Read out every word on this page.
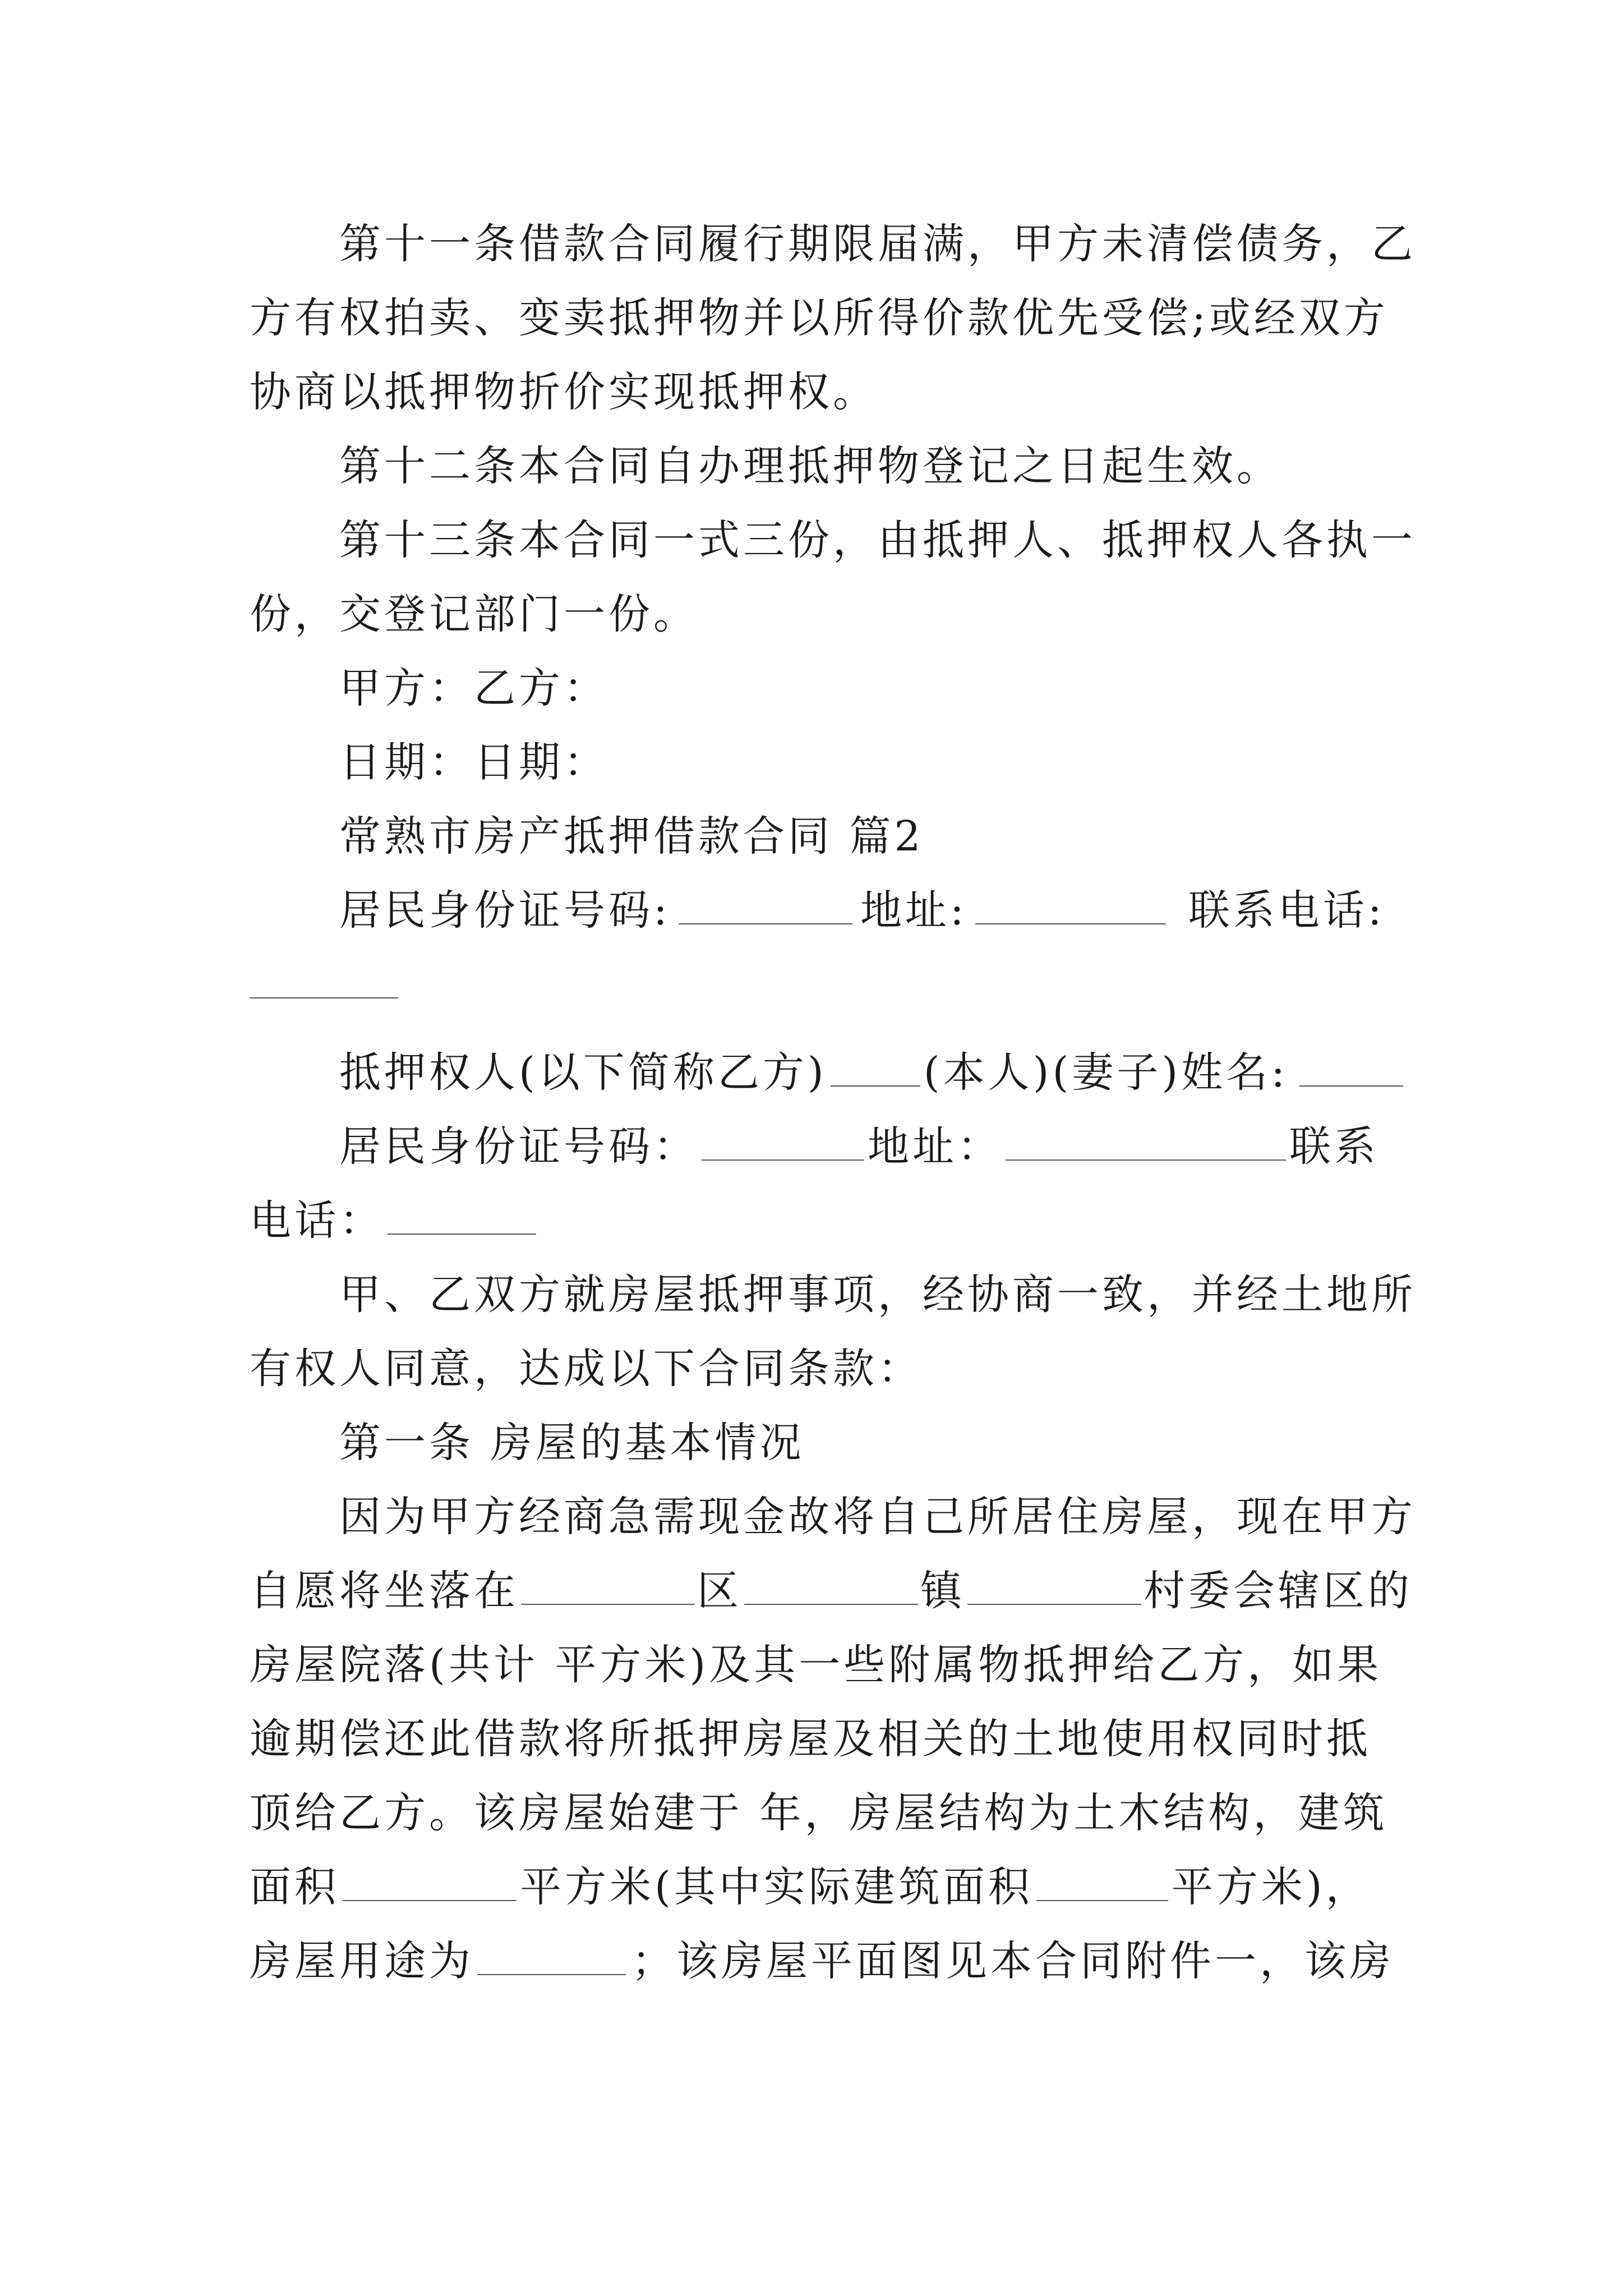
第十一条借款合同履行期限届满，甲方未清偿债务，乙
方有权拍卖、变卖抵押物并以所得价款优先受偿;或经双方
协商以抵押物折价实现抵押权。
第十二条本合同自办理抵押物登记之日起生效。
第十三条本合同一式三份，由抵押人、抵押权人各执一
份，交登记部门一份。
甲方：乙方：
日期：日期：
常熟市房产抵押借款合同 篇2
居民身份证号码:	地址:	联系电话:
抵押权人(以下简称乙方) (本人)(妻子)姓名:
居民身份证号码：	地址：	联系
电话：
甲、乙双方就房屋抵押事项，经协商一致，并经土地所
有权人同意，达成以下合同条款：
第一条 房屋的基本情况
因为甲方经商急需现金故将自己所居住房屋，现在甲方
自愿将坐落在	区	镇	村委会辖区的
房屋院落(共计 平方米)及其一些附属物抵押给乙方，如果
逾期偿还此借款将所抵押房屋及相关的土地使用权同时抵
顶给乙方。该房屋始建于 年，房屋结构为土木结构，建筑
面积	平方米(其中实际建筑面积	平方米)，
房屋用途为	；该房屋平面图见本合同附件一，该房
